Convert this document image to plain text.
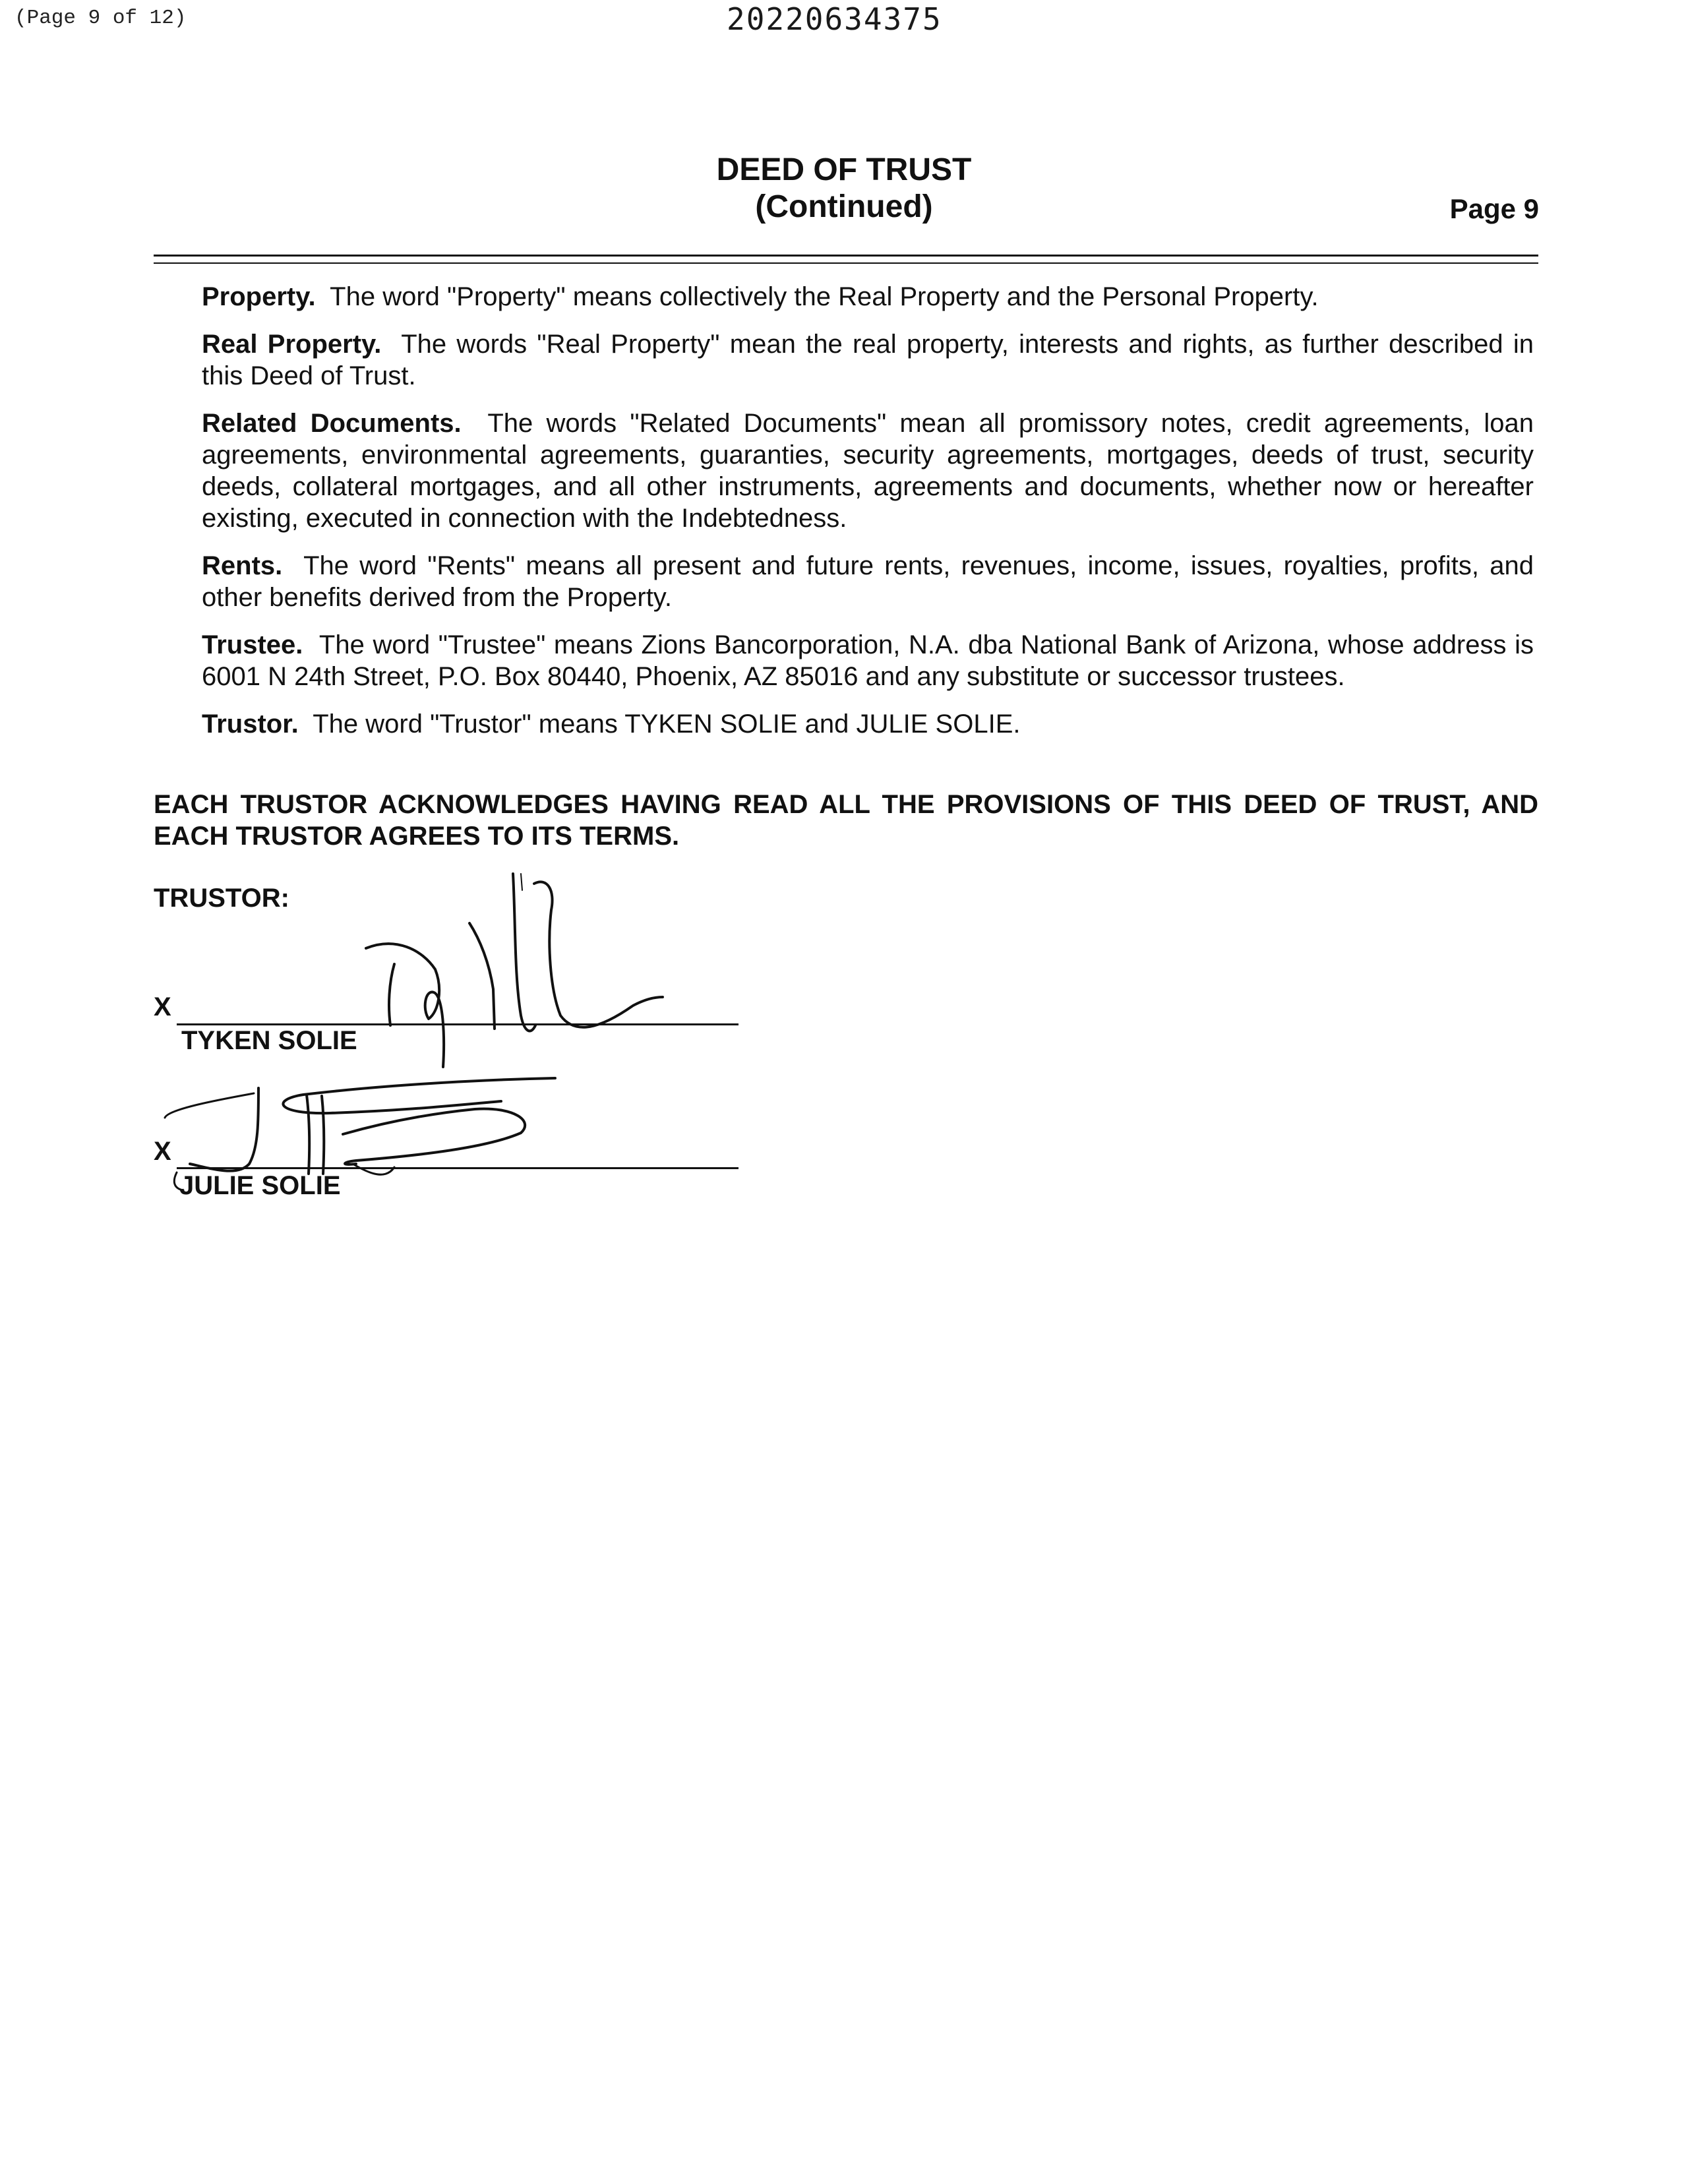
(Page 9 of 12)	20220634375
DEED OF TRUST
(Continued)	Page 9

Property. The word "Property" means collectively the Real Property and the Personal Property.

Real Property. The words "Real Property" mean the real property, interests and rights, as further described in this Deed of Trust.

Related Documents. The words "Related Documents" mean all promissory notes, credit agreements, loan agreements, environmental agreements, guaranties, security agreements, mortgages, deeds of trust, security deeds, collateral mortgages, and all other instruments, agreements and documents, whether now or hereafter existing, executed in connection with the Indebtedness.

Rents. The word "Rents" means all present and future rents, revenues, income, issues, royalties, profits, and other benefits derived from the Property.

Trustee. The word "Trustee" means Zions Bancorporation, N.A. dba National Bank of Arizona, whose address is 6001 N 24th Street, P.O. Box 80440, Phoenix, AZ 85016 and any substitute or successor trustees.

Trustor. The word "Trustor" means TYKEN SOLIE and JULIE SOLIE.

EACH TRUSTOR ACKNOWLEDGES HAVING READ ALL THE PROVISIONS OF THIS DEED OF TRUST, AND EACH TRUSTOR AGREES TO ITS TERMS.
TRUSTOR:
X
TYKEN SOLIE
X
JULIE SOLIE
